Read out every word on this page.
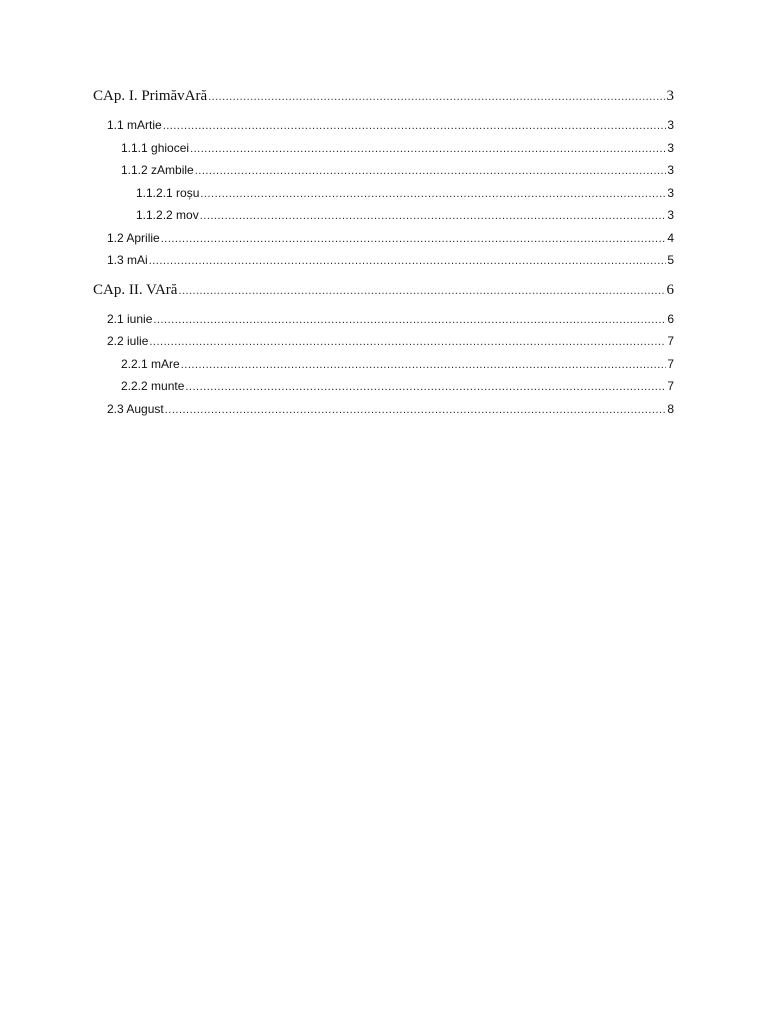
CAp. I. PrimăvAră .....	3
1.1 mArtie .....	3
1.1.1 ghiocei .....	3
1.1.2 zAmbile .....	3
1.1.2.1 roșu .....	3
1.1.2.2 mov .....	3
1.2 Aprilie .....	4
1.3 mAi .....	5
CAp. II. VAră .....	6
2.1 iunie .....	6
2.2 iulie .....	7
2.2.1 mAre .....	7
2.2.2 munte .....	7
2.3 August .....	8
